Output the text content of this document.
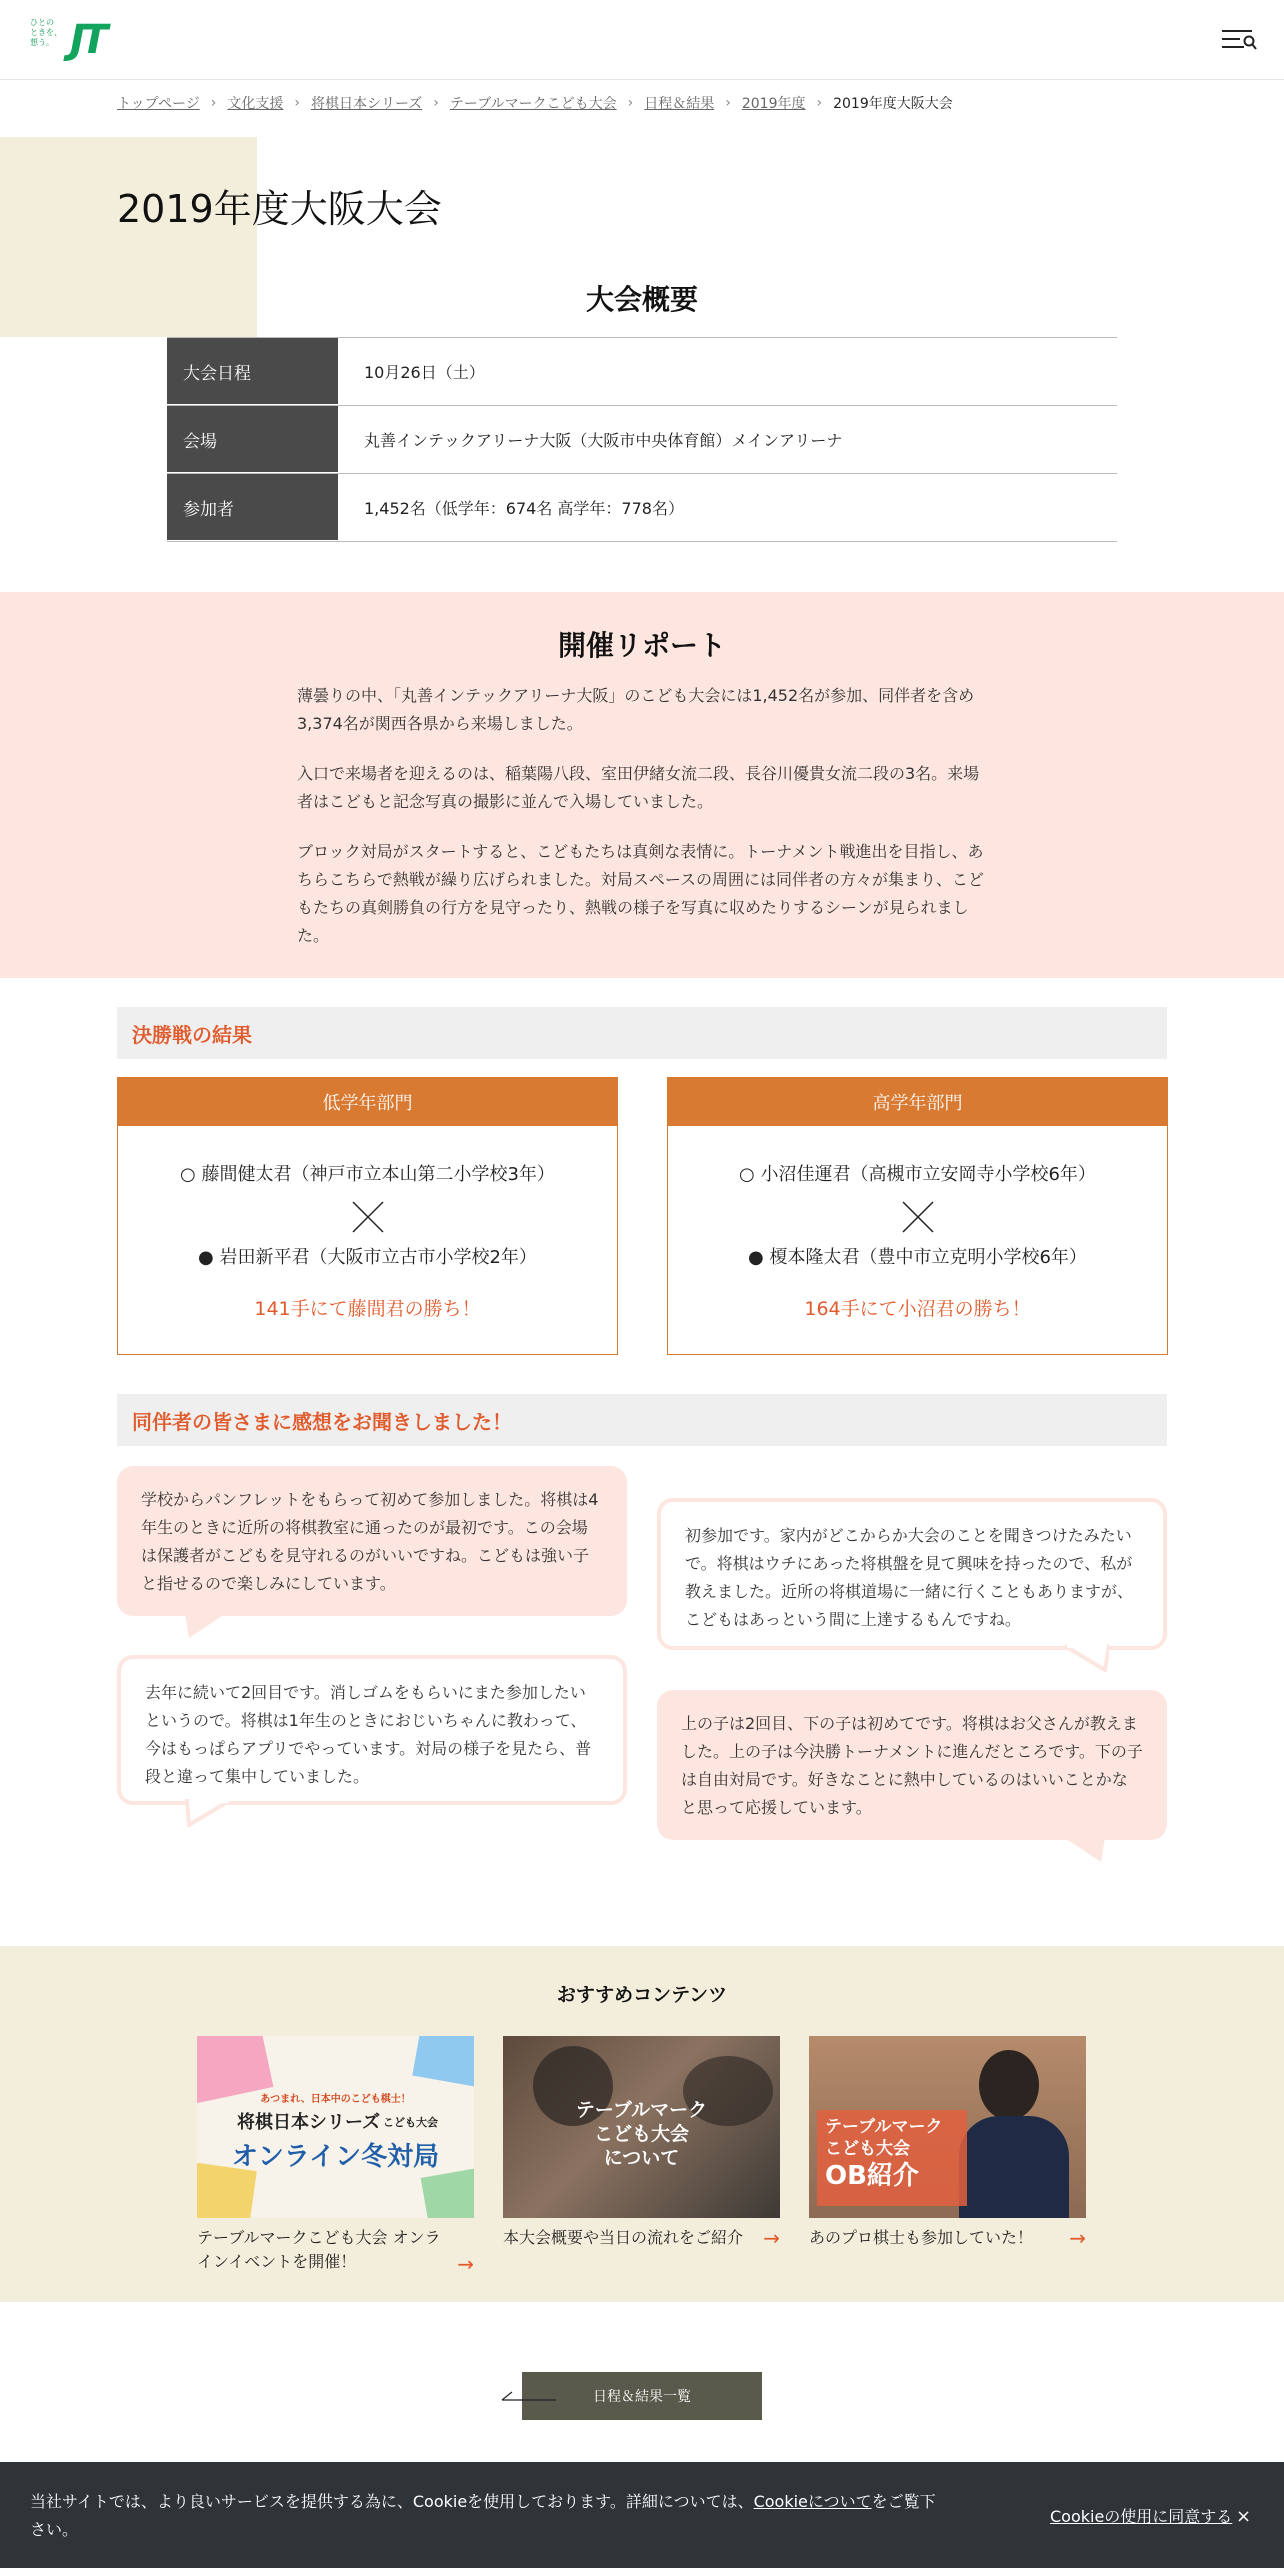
ひとの
ときを、
想う。 JT
トップページ › 文化支援 › 将棋日本シリーズ › テーブルマークこども大会 › 日程＆結果 › 2019年度 › 2019年度大阪大会
2019年度大阪大会
大会概要
大会日程	10月26日（土）
会場	丸善インテックアリーナ大阪（大阪市中央体育館）メインアリーナ
参加者	1,452名（低学年：674名 高学年：778名）
開催リポート

薄曇りの中、「丸善インテックアリーナ大阪」のこども大会には1,452名が参加、同伴者を含め3,374名が関西各県から来場しました。

入口で来場者を迎えるのは、稲葉陽八段、室田伊緒女流二段、長谷川優貴女流二段の3名。来場者はこどもと記念写真の撮影に並んで入場していました。

ブロック対局がスタートすると、こどもたちは真剣な表情に。トーナメント戦進出を目指し、あちらこちらで熱戦が繰り広げられました。対局スペースの周囲には同伴者の方々が集まり、こどもたちの真剣勝負の行方を見守ったり、熱戦の様子を写真に収めたりするシーンが見られました。

決勝戦の結果
低学年部門
○ 藤間健太君（神戸市立本山第二小学校3年）
● 岩田新平君（大阪市立古市小学校2年）
141手にて藤間君の勝ち！
高学年部門
○ 小沼佳運君（高槻市立安岡寺小学校6年）
● 榎本隆太君（豊中市立克明小学校6年）
164手にて小沼君の勝ち！
同伴者の皆さまに感想をお聞きしました！

学校からパンフレットをもらって初めて参加しました。将棋は4年生のときに近所の将棋教室に通ったのが最初です。この会場は保護者がこどもを見守れるのがいいですね。こどもは強い子と指せるので楽しみにしています。

初参加です。家内がどこからか大会のことを聞きつけたみたいで。将棋はウチにあった将棋盤を見て興味を持ったので、私が教えました。近所の将棋道場に一緒に行くこともありますが、こどもはあっという間に上達するもんですね。

去年に続いて2回目です。消しゴムをもらいにまた参加したいというので。将棋は1年生のときにおじいちゃんに教わって、今はもっぱらアプリでやっています。対局の様子を見たら、普段と違って集中していました。

上の子は2回目、下の子は初めてです。将棋はお父さんが教えました。上の子は今決勝トーナメントに進んだところです。下の子は自由対局です。好きなことに熱中しているのはいいことかなと思って応援しています。

おすすめコンテンツ
あつまれ、日本中のこども棋士！
将棋日本シリーズ こども大会
オンライン冬対局

テーブルマークこども大会 オンラインイベントを開催！	→
テーブルマーク
こども大会
について

本大会概要や当日の流れをご紹介	→
テーブルマーク
こども大会
OB紹介

あのプロ棋士も参加していた！	→
日程＆結果一覧

当社サイトでは、より良いサービスを提供する為に、Cookieを使用しております。詳細については、Cookieについてをご覧下さい。

Cookieの使用に同意する ×
